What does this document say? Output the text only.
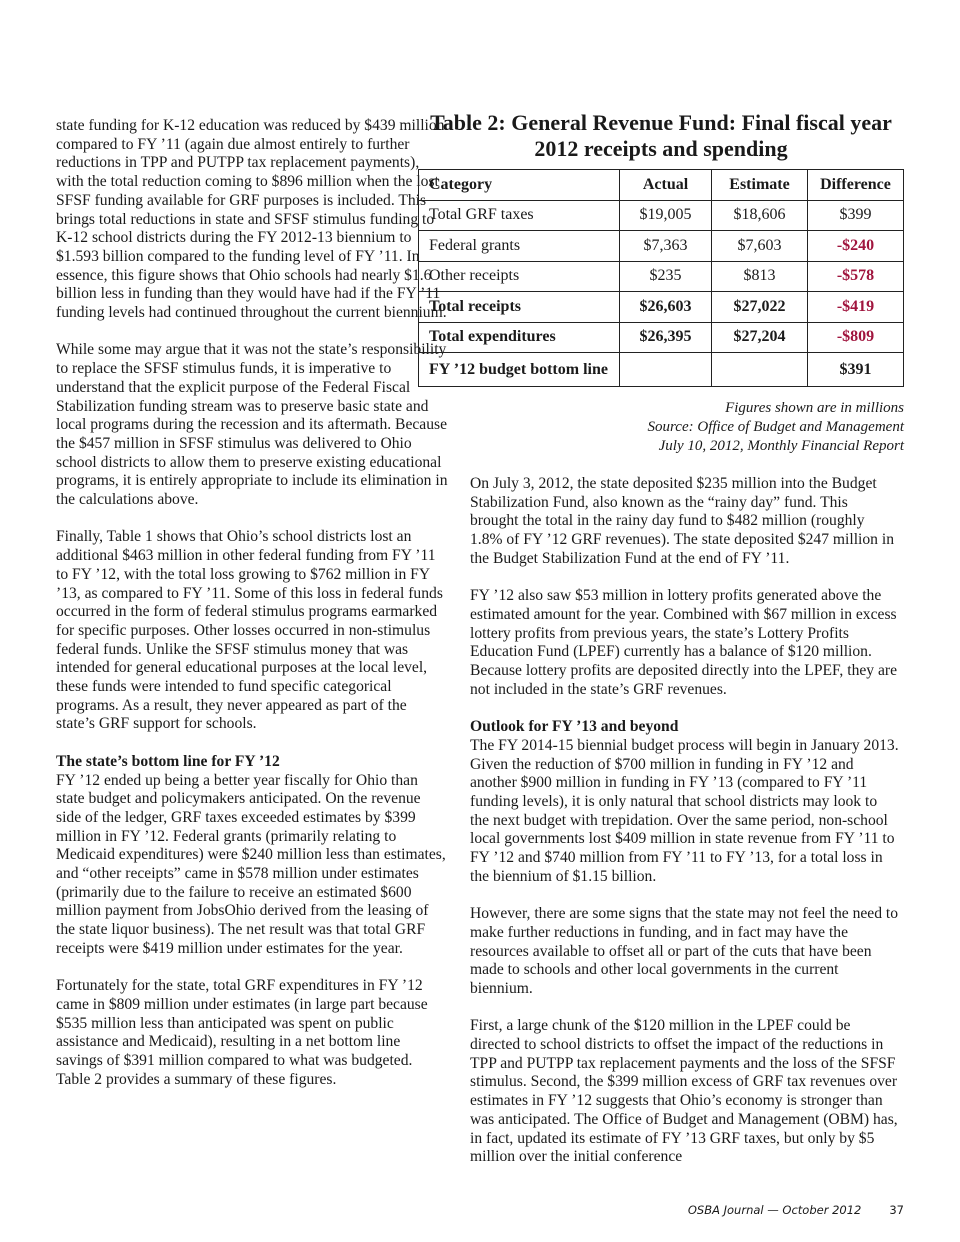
state funding for K-12 education was reduced by $439 million compared to FY ’11 (again due almost entirely to further reductions in TPP and PUTPP tax replacement payments), with the total reduction coming to $896 million when the lost SFSF funding available for GRF purposes is included. This brings total reductions in state and SFSF stimulus funding to K-12 school districts during the FY 2012-13 biennium to $1.593 billion compared to the funding level of FY ’11. In essence, this figure shows that Ohio schools had nearly $1.6 billion less in funding than they would have had if the FY ’11 funding levels had continued throughout the current biennium.

While some may argue that it was not the state’s responsibility to replace the SFSF stimulus funds, it is imperative to understand that the explicit purpose of the Federal Fiscal Stabilization funding stream was to preserve basic state and local programs during the recession and its aftermath. Because the $457 million in SFSF stimulus was delivered to Ohio school districts to allow them to preserve existing educational programs, it is entirely appropriate to include its elimination in the calculations above.

Finally, Table 1 shows that Ohio’s school districts lost an additional $463 million in other federal funding from FY ’11 to FY ’12, with the total loss growing to $762 million in FY ’13, as compared to FY ’11. Some of this loss in federal funds occurred in the form of federal stimulus programs earmarked for specific purposes. Other losses occurred in non-stimulus federal funds. Unlike the SFSF stimulus money that was intended for general educational purposes at the local level, these funds were intended to fund specific categorical programs. As a result, they never appeared as part of the state’s GRF support for schools.

The state’s bottom line for FY ’12

FY ’12 ended up being a better year fiscally for Ohio than state budget and policymakers anticipated. On the revenue side of the ledger, GRF taxes exceeded estimates by $399 million in FY ’12. Federal grants (primarily relating to Medicaid expenditures) were $240 million less than estimates, and “other receipts” came in $578 million under estimates (primarily due to the failure to receive an estimated $600 million payment from JobsOhio derived from the leasing of the state liquor business). The net result was that total GRF receipts were $419 million under estimates for the year.

Fortunately for the state, total GRF expenditures in FY ’12 came in $809 million under estimates (in large part because $535 million less than anticipated was spent on public assistance and Medicaid), resulting in a net bottom line savings of $391 million compared to what was budgeted. Table 2 provides a summary of these figures.

Table 2: General Revenue Fund: Final fiscal year 2012 receipts and spending
Category	Actual	Estimate	Difference
Total GRF taxes	$19,005	$18,606	$399
Federal grants	$7,363	$7,603	-$240
Other receipts	$235	$813	-$578
Total receipts	$26,603	$27,022	-$419
Total expenditures	$26,395	$27,204	-$809
FY ’12 budget bottom line			$391
Figures shown are in millions
Source: Office of Budget and Management
July 10, 2012, Monthly Financial Report

On July 3, 2012, the state deposited $235 million into the Budget Stabilization Fund, also known as the “rainy day” fund. This brought the total in the rainy day fund to $482 million (roughly 1.8% of FY ’12 GRF revenues). The state deposited $247 million in the Budget Stabilization Fund at the end of FY ’11.

FY ’12 also saw $53 million in lottery profits generated above the estimated amount for the year. Combined with $67 million in excess lottery profits from previous years, the state’s Lottery Profits Education Fund (LPEF) currently has a balance of $120 million. Because lottery profits are deposited directly into the LPEF, they are not included in the state’s GRF revenues.

Outlook for FY ’13 and beyond

The FY 2014-15 biennial budget process will begin in January 2013. Given the reduction of $700 million in funding in FY ’12 and another $900 million in funding in FY ’13 (compared to FY ’11 funding levels), it is only natural that school districts may look to the next budget with trepidation. Over the same period, non-school local governments lost $409 million in state revenue from FY ’11 to FY ’12 and $740 million from FY ’11 to FY ’13, for a total loss in the biennium of $1.15 billion.

However, there are some signs that the state may not feel the need to make further reductions in funding, and in fact may have the resources available to offset all or part of the cuts that have been made to schools and other local governments in the current biennium.

First, a large chunk of the $120 million in the LPEF could be directed to school districts to offset the impact of the reductions in TPP and PUTPP tax replacement payments and the loss of the SFSF stimulus. Second, the $399 million excess of GRF tax revenues over estimates in FY ’12 suggests that Ohio’s economy is stronger than was anticipated. The Office of Budget and Management (OBM) has, in fact, updated its estimate of FY ’13 GRF taxes, but only by $5 million over the initial conference

OSBA Journal — October 2012 37
